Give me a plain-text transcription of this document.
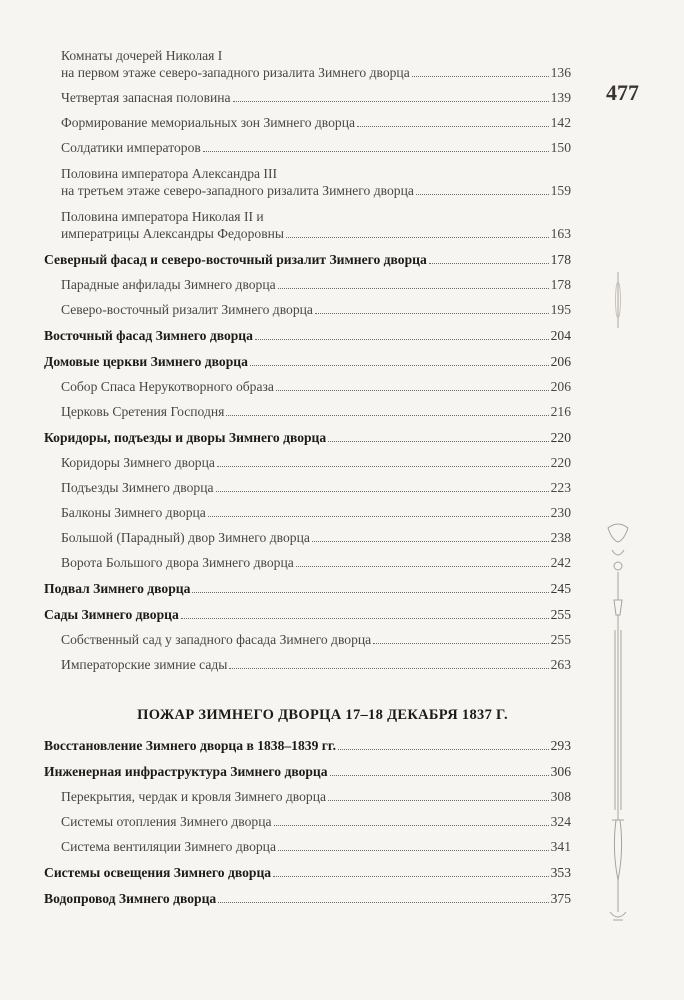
477
Комнаты дочерей Николая I
на первом этаже северо-западного ризалита Зимнего дворца	136
Четвертая запасная половина	139
Формирование мемориальных зон Зимнего дворца	142
Солдатики императоров	150
Половина императора Александра III
на третьем этаже северо-западного ризалита Зимнего дворца	159
Половина императора Николая II и
императрицы Александры Федоровны	163
Северный фасад и северо-восточный ризалит Зимнего дворца	178
Парадные анфилады Зимнего дворца	178
Северо-восточный ризалит Зимнего дворца	195
Восточный фасад Зимнего дворца	204
Домовые церкви Зимнего дворца	206
Собор Спаса Нерукотворного образа	206
Церковь Сретения Господня	216
Коридоры, подъезды и дворы Зимнего дворца	220
Коридоры Зимнего дворца	220
Подъезды Зимнего дворца	223
Балконы Зимнего дворца	230
Большой (Парадный) двор Зимнего дворца	238
Ворота Большого двора Зимнего дворца	242
Подвал Зимнего дворца	245
Сады Зимнего дворца	255
Собственный сад у западного фасада Зимнего дворца	255
Императорские зимние сады	263
ПОЖАР ЗИМНЕГО ДВОРЦА 17–18 ДЕКАБРЯ 1837 Г.
Восстановление Зимнего дворца в 1838–1839 гг.	293
Инженерная инфраструктура Зимнего дворца	306
Перекрытия, чердак и кровля Зимнего дворца	308
Системы отопления Зимнего дворца	324
Система вентиляции Зимнего дворца	341
Системы освещения Зимнего дворца	353
Водопровод Зимнего дворца	375
